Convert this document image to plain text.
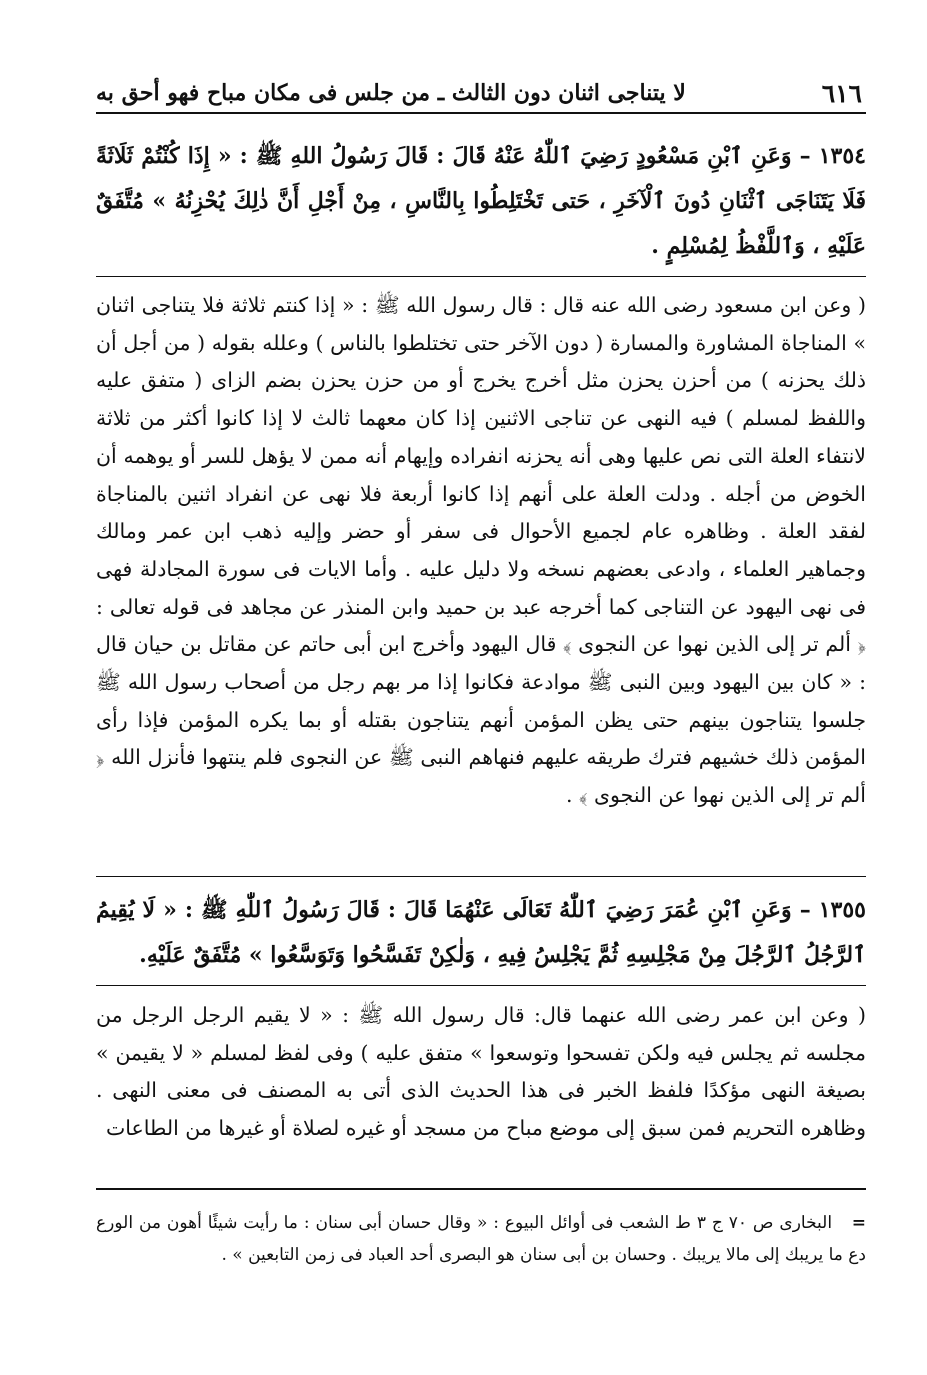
٦١٦
لا يتناجى اثنان دون الثالث ـ من جلس فى مكان مباح فهو أحق به
١٣٥٤ – وَعَنِ ٱبْنِ مَسْعُودٍ رَضِيَ ٱللّٰهُ عَنْهُ قَالَ : قَالَ رَسُولُ اللهِ ﷺ : « إِذَا كُنْتُمْ ثَلَاثَةً فَلَا يَتَنَاجَى ٱثْنَانِ دُونَ ٱلْآخَرِ ، حَتى تَخْتَلِطُوا بِالنَّاسِ ، مِنْ أَجْلِ أَنَّ ذٰلِكَ يُحْزِنُهُ » مُتَّفَقٌ عَلَيْهِ ، وَٱللَّفْظُ لِمُسْلِمٍ .
( وعن ابن مسعود رضى الله عنه قال : قال رسول الله ﷺ : « إذا كنتم ثلاثة فلا يتناجى اثنان » المناجاة المشاورة والمسارة ( دون الآخر حتى تختلطوا بالناس ) وعلله بقوله ( من أجل أن ذلك يحزنه ) من أحزن يحزن مثل أخرج يخرج أو من حزن يحزن بضم الزاى ( متفق عليه واللفظ لمسلم ) فيه النهى عن تناجى الاثنين إذا كان معهما ثالث لا إذا كانوا أكثر من ثلاثة لانتفاء العلة التى نص عليها وهى أنه يحزنه انفراده وإيهام أنه ممن لا يؤهل للسر أو يوهمه أن الخوض من أجله . ودلت العلة على أنهم إذا كانوا أربعة فلا نهى عن انفراد اثنين بالمناجاة لفقد العلة . وظاهره عام لجميع الأحوال فى سفر أو حضر وإليه ذهب ابن عمر ومالك وجماهير العلماء ، وادعى بعضهم نسخه ولا دليل عليه . وأما الايات فى سورة المجادلة فهى فى نهى اليهود عن التناجى كما أخرجه عبد بن حميد وابن المنذر عن مجاهد فى قوله تعالى : ﴿ ألم تر إلى الذين نهوا عن النجوى ﴾ قال اليهود وأخرج ابن أبى حاتم عن مقاتل بن حيان قال : « كان بين اليهود وبين النبى ﷺ موادعة فكانوا إذا مر بهم رجل من أصحاب رسول الله ﷺ جلسوا يتناجون بينهم حتى يظن المؤمن أنهم يتناجون بقتله أو بما يكره المؤمن فإذا رأى المؤمن ذلك خشيهم فترك طريقه عليهم فنهاهم النبى ﷺ عن النجوى فلم ينتهوا فأنزل الله ﴿ ألم تر إلى الذين نهوا عن النجوى ﴾ .
١٣٥٥ – وَعَنِ ٱبْنِ عُمَرَ رَضِيَ ٱللّٰهُ تَعَالَى عَنْهُمَا قَالَ : قَالَ رَسُولُ ٱللّٰهِ ﷺ : « لَا يُقِيمُ ٱلرَّجُلُ ٱلرَّجُلَ مِنْ مَجْلِسِهِ ثُمَّ يَجْلِسُ فِيهِ ، وَلٰكِنْ تَفَسَّحُوا وَتَوَسَّعُوا » مُتَّفَقٌ عَلَيْهِ.
( وعن ابن عمر رضى الله عنهما قال: قال رسول الله ﷺ : « لا يقيم الرجل الرجل من مجلسه ثم يجلس فيه ولكن تفسحوا وتوسعوا » متفق عليه ) وفى لفظ لمسلم « لا يقيمن » بصيغة النهى مؤكدًا فلفظ الخبر فى هذا الحديث الذى أتى به المصنف فى معنى النهى . وظاهره التحريم فمن سبق إلى موضع مباح من مسجد أو غيره لصلاة أو غيرها من الطاعات
= البخارى ص ٧٠ ج ٣ ط الشعب فى أوائل البيوع : « وقال حسان أبى سنان : ما رأيت شيئًا أهون من الورع دع ما يريبك إلى مالا يريبك . وحسان بن أبى سنان هو البصرى أحد العباد فى زمن التابعين » .
